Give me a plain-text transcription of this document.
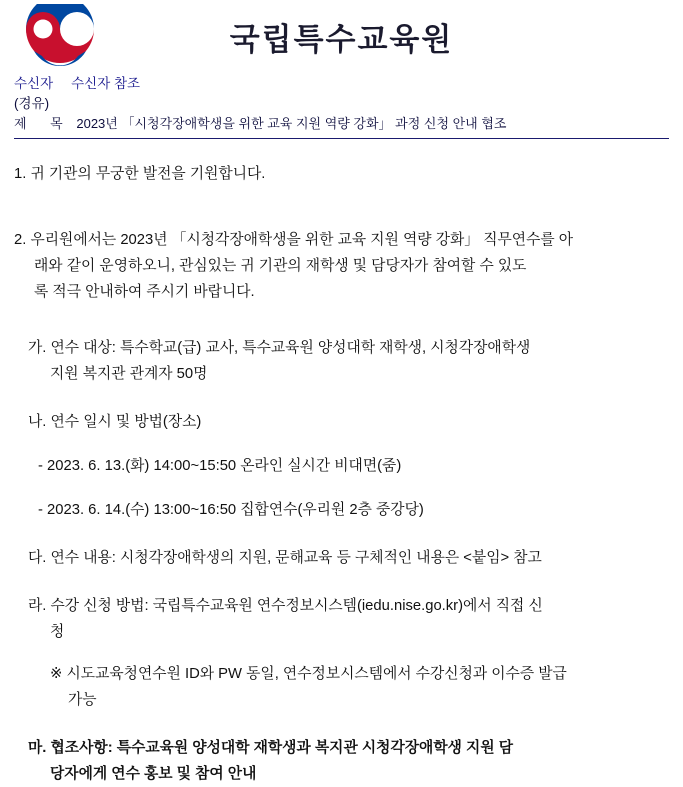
국립특수교육원
수신자 수신자 참조
(경유)
제 목 2023년 「시청각장애학생을 위한 교육 지원 역량 강화」 과정 신청 안내 협조
1. 귀 기관의 무궁한 발전을 기원합니다.
2. 우리원에서는 2023년 「시청각장애학생을 위한 교육 지원 역량 강화」 직무연수를 아
래와 같이 운영하오니, 관심있는 귀 기관의 재학생 및 담당자가 참여할 수 있도
록 적극 안내하여 주시기 바랍니다.
가. 연수 대상: 특수학교(급) 교사, 특수교육원 양성대학 재학생, 시청각장애학생
지원 복지관 관계자 50명
나. 연수 일시 및 방법(장소)
- 2023. 6. 13.(화) 14:00~15:50 온라인 실시간 비대면(줌)
- 2023. 6. 14.(수) 13:00~16:50 집합연수(우리원 2층 중강당)
다. 연수 내용: 시청각장애학생의 지원, 문해교육 등 구체적인 내용은 <붙임> 참고
라. 수강 신청 방법: 국립특수교육원 연수정보시스템(iedu.nise.go.kr)에서 직접 신
청
※ 시도교육청연수원 ID와 PW 동일, 연수정보시스템에서 수강신청과 이수증 발급
가능
마. 협조사항: 특수교육원 양성대학 재학생과 복지관 시청각장애학생 지원 담
당자에게 연수 홍보 및 참여 안내
